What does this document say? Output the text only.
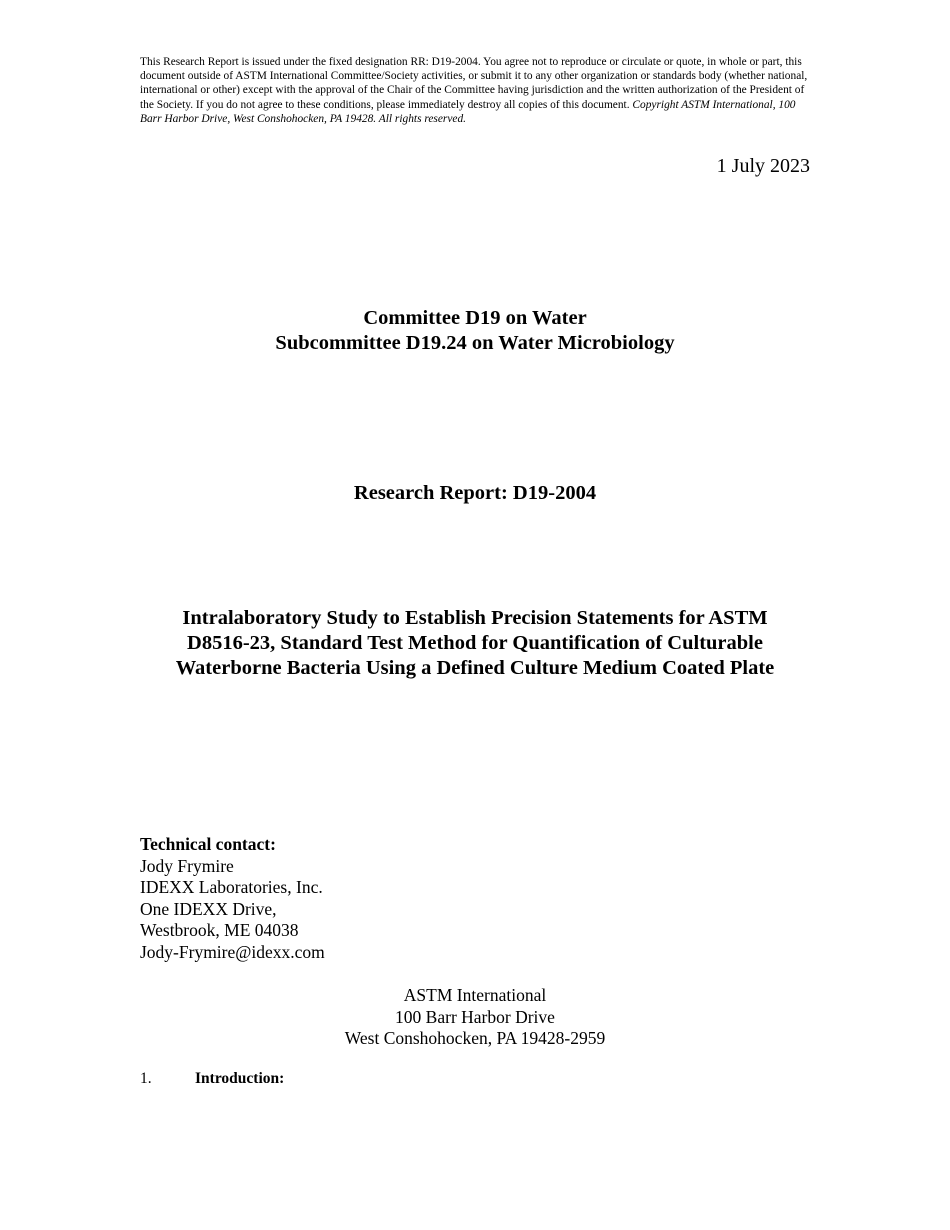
This Research Report is issued under the fixed designation RR: D19-2004. You agree not to reproduce or circulate or quote, in whole or part, this document outside of ASTM International Committee/Society activities, or submit it to any other organization or standards body (whether national, international or other) except with the approval of the Chair of the Committee having jurisdiction and the written authorization of the President of the Society. If you do not agree to these conditions, please immediately destroy all copies of this document. Copyright ASTM International, 100 Barr Harbor Drive, West Conshohocken, PA 19428. All rights reserved.
1 July 2023
Committee D19 on Water
Subcommittee D19.24 on Water Microbiology
Research Report: D19-2004
Intralaboratory Study to Establish Precision Statements for ASTM
D8516-23, Standard Test Method for Quantification of Culturable
Waterborne Bacteria Using a Defined Culture Medium Coated Plate
Technical contact:
Jody Frymire
IDEXX Laboratories, Inc.
One IDEXX Drive,
Westbrook, ME 04038
Jody-Frymire@idexx.com
ASTM International
100 Barr Harbor Drive
West Conshohocken, PA 19428-2959
1.	Introduction:
